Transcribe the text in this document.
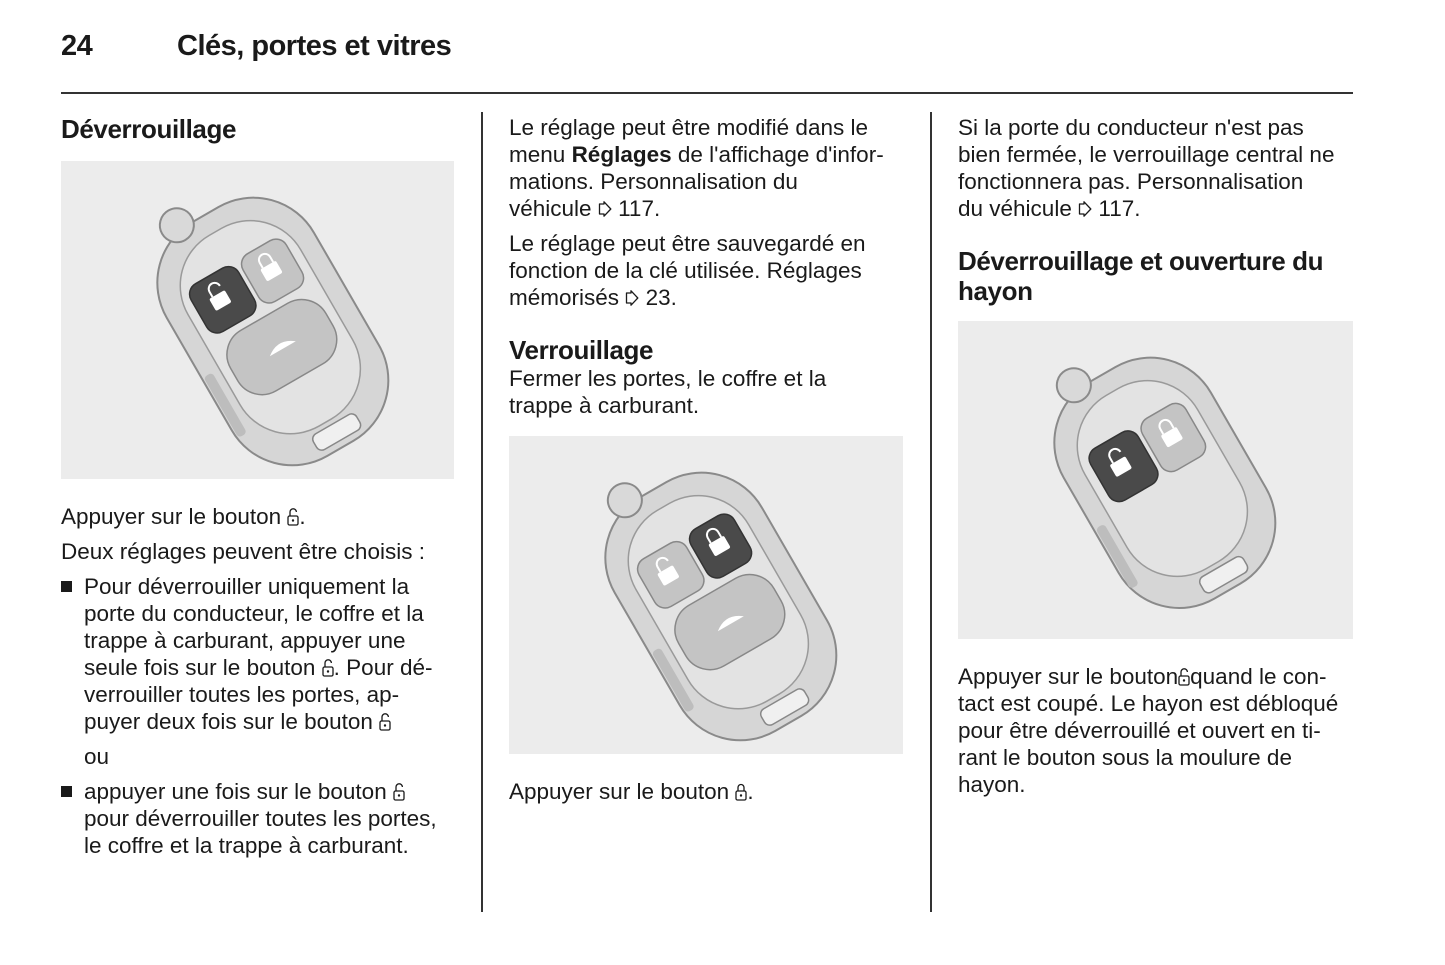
24	Clés, portes et vitres
Déverrouillage

Appuyer sur le bouton .

Deux réglages peuvent être choisis :

Pour déverrouiller uniquement la
porte du conducteur, le coffre et la
trappe à carburant, appuyer une
seule fois sur le bouton . Pour dé-
verrouiller toutes les portes, ap-
puyer deux fois sur le bouton
ou
appuyer une fois sur le bouton
pour déverrouiller toutes les portes,
le coffre et la trappe à carburant.

Le réglage peut être modifié dans le
menu Réglages de l'affichage d'infor-
mations. Personnalisation du
véhicule 117.

Le réglage peut être sauvegardé en
fonction de la clé utilisée. Réglages
mémorisés 23.

Verrouillage

Fermer les portes, le coffre et la
trappe à carburant.

Appuyer sur le bouton .

Si la porte du conducteur n'est pas
bien fermée, le verrouillage central ne
fonctionnera pas. Personnalisation
du véhicule 117.

Déverrouillage et ouverture du
hayon

Appuyer sur le bouton quand le con-
tact est coupé. Le hayon est débloqué
pour être déverrouillé et ouvert en ti-
rant le bouton sous la moulure de
hayon.
